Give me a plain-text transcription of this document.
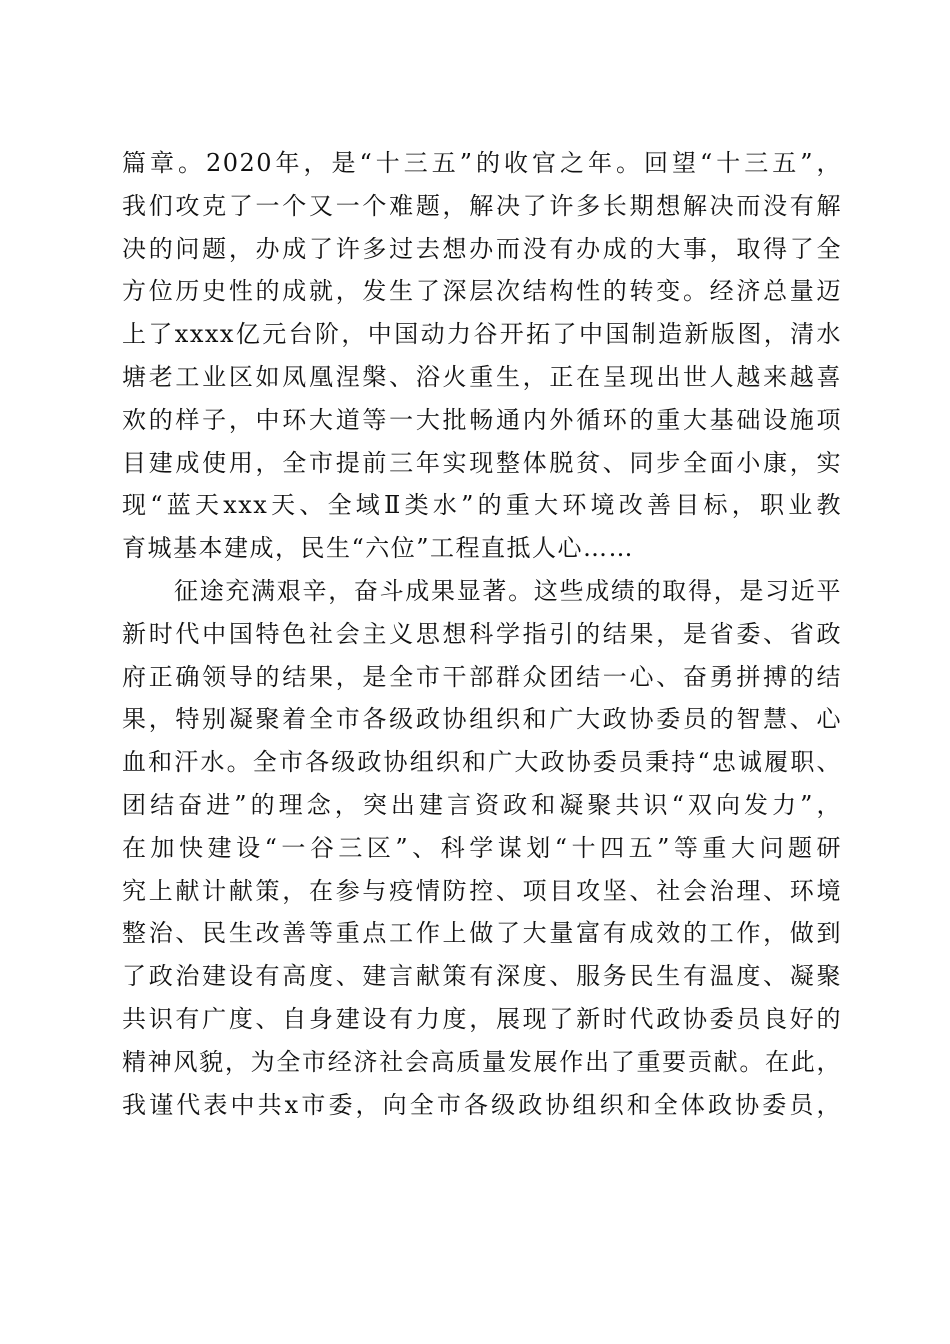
篇章。2020年，是“十三五”的收官之年。回望“十三五”，
我们攻克了一个又一个难题，解决了许多长期想解决而没有解
决的问题，办成了许多过去想办而没有办成的大事，取得了全
方位历史性的成就，发生了深层次结构性的转变。经济总量迈
上了xxxx亿元台阶，中国动力谷开拓了中国制造新版图，清水
塘老工业区如凤凰涅槃、浴火重生，正在呈现出世人越来越喜
欢的样子，中环大道等一大批畅通内外循环的重大基础设施项
目建成使用，全市提前三年实现整体脱贫、同步全面小康，实
现“蓝天xxx天、全域Ⅱ类水”的重大环境改善目标，职业教
育城基本建成，民生“六位”工程直抵人心……
征途充满艰辛，奋斗成果显著。这些成绩的取得，是习近平
新时代中国特色社会主义思想科学指引的结果，是省委、省政
府正确领导的结果，是全市干部群众团结一心、奋勇拼搏的结
果，特别凝聚着全市各级政协组织和广大政协委员的智慧、心
血和汗水。全市各级政协组织和广大政协委员秉持“忠诚履职、
团结奋进”的理念，突出建言资政和凝聚共识“双向发力”，
在加快建设“一谷三区”、科学谋划“十四五”等重大问题研
究上献计献策，在参与疫情防控、项目攻坚、社会治理、环境
整治、民生改善等重点工作上做了大量富有成效的工作，做到
了政治建设有高度、建言献策有深度、服务民生有温度、凝聚
共识有广度、自身建设有力度，展现了新时代政协委员良好的
精神风貌，为全市经济社会高质量发展作出了重要贡献。在此，
我谨代表中共x市委，向全市各级政协组织和全体政协委员，
